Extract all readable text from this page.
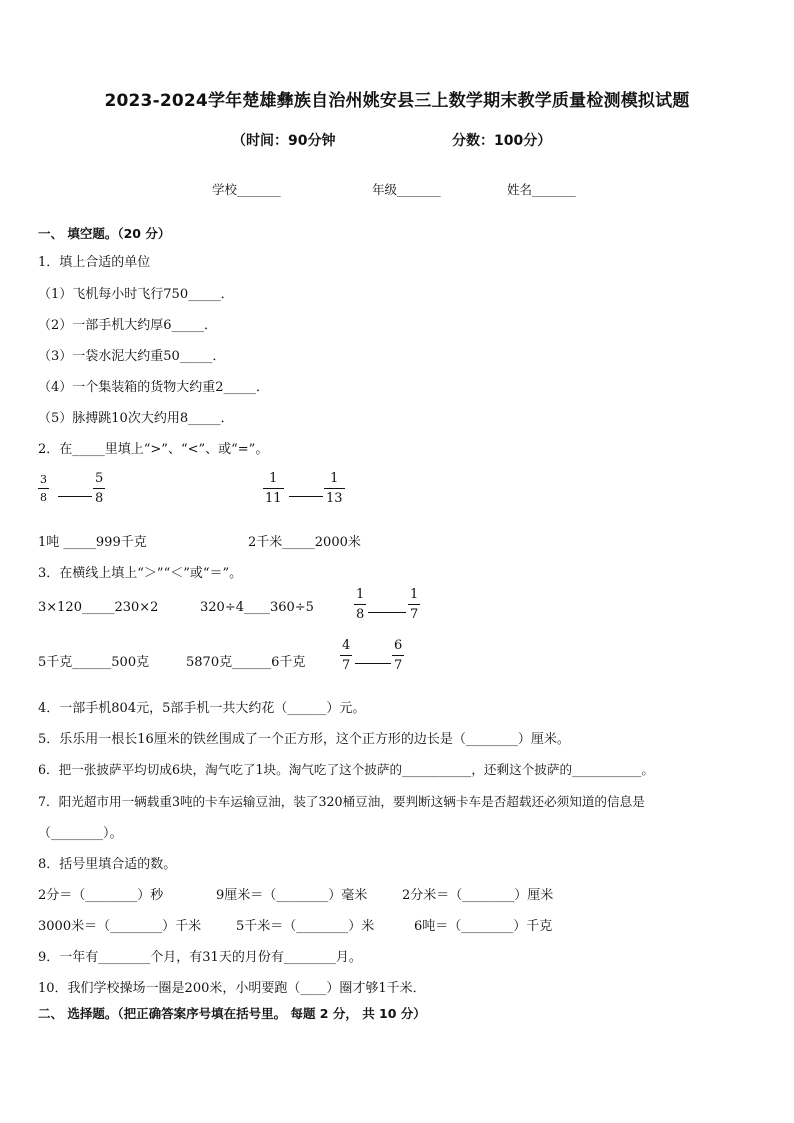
2023-2024学年楚雄彝族自治州姚安县三上数学期末教学质量检测模拟试题
（时间：90分钟	分数：100分）
学校_______	年级_______	姓名_______
一、 填空题。（20 分）
1．填上合适的单位
（1）飞机每小时飞行750_____．
（2）一部手机大约厚6_____．
（3）一袋水泥大约重50_____．
（4）一个集装箱的货物大约重2_____．
（5）脉搏跳10次大约用8_____．
2．在_____里填上“>”、“<”、或“=”。
$\frac{3}{8}$	$\frac{5}{8}$	$\frac{1}{11}$	$\frac{1}{13}$
1吨 _____999千克	2千米_____2000米
3．在横线上填上“＞”“＜”或“＝”。
3×120_____230×2	320÷4____360÷5	$\frac{1}{8}$	$\frac{1}{7}$
5千克______500克	5870克______6千克	$\frac{4}{7}$	$\frac{6}{7}$
4．一部手机804元，5部手机一共大约花（______）元。
5．乐乐用一根长16厘米的铁丝围成了一个正方形，这个正方形的边长是（________）厘米。
6．把一张披萨平均切成6块，淘气吃了1块。淘气吃了这个披萨的___________，还剩这个披萨的___________。
7．阳光超市用一辆载重3吨的卡车运输豆油，装了320桶豆油，要判断这辆卡车是否超载还必须知道的信息是
（________）。
8．括号里填合适的数。
2分＝（________）秒	9厘米＝（________）毫米	2分米＝（________）厘米
3000米＝（________）千米	5千米＝（________）米	6吨＝（________）千克
9．一年有________个月，有31天的月份有________月。
10．我们学校操场一圈是200米，小明要跑（____）圈才够1千米．
二、 选择题。（把正确答案序号填在括号里。 每题 2 分， 共 10 分）
